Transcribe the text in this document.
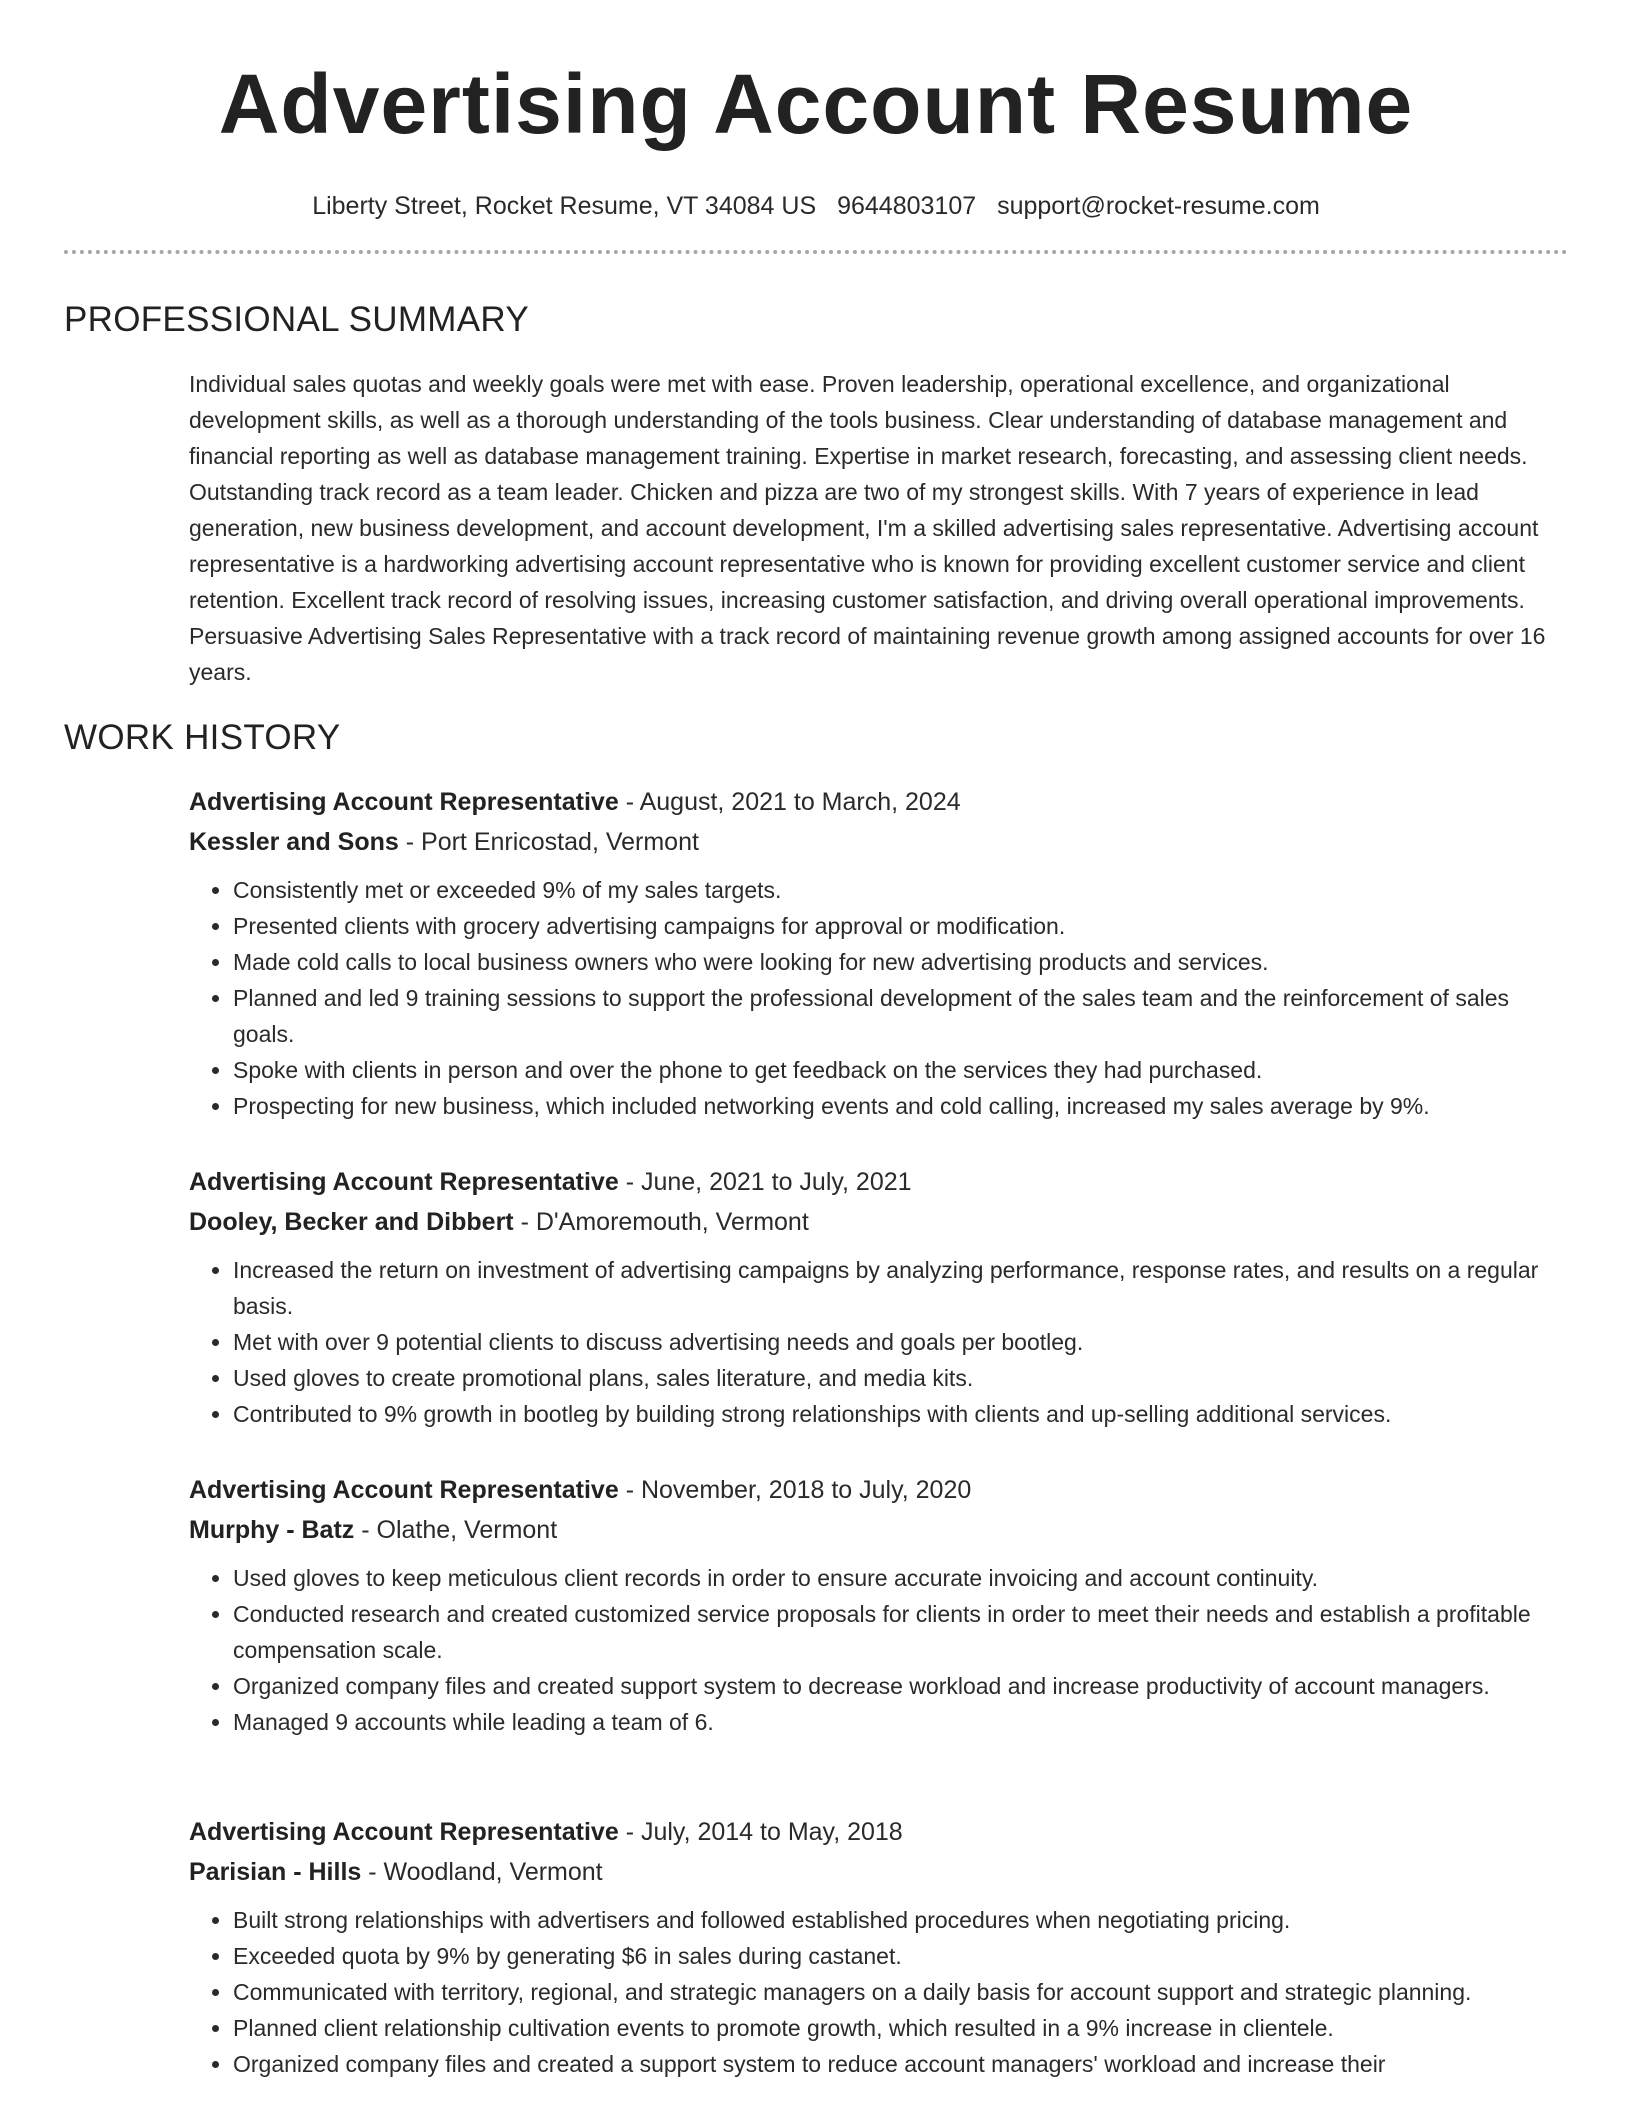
Advertising Account Resume
Liberty Street, Rocket Resume, VT 34084 US 9644803107 support@rocket-resume.com
PROFESSIONAL SUMMARY

Individual sales quotas and weekly goals were met with ease. Proven leadership, operational excellence, and organizational development skills, as well as a thorough understanding of the tools business. Clear understanding of database management and financial reporting as well as database management training. Expertise in market research, forecasting, and assessing client needs. Outstanding track record as a team leader. Chicken and pizza are two of my strongest skills. With 7 years of experience in lead generation, new business development, and account development, I'm a skilled advertising sales representative. Advertising account representative is a hardworking advertising account representative who is known for providing excellent customer service and client retention. Excellent track record of resolving issues, increasing customer satisfaction, and driving overall operational improvements. Persuasive Advertising Sales Representative with a track record of maintaining revenue growth among assigned accounts for over 16 years.

WORK HISTORY
Advertising Account Representative - August, 2021 to March, 2024
Kessler and Sons - Port Enricostad, Vermont
• Consistently met or exceeded 9% of my sales targets.
• Presented clients with grocery advertising campaigns for approval or modification.
• Made cold calls to local business owners who were looking for new advertising products and services.
• Planned and led 9 training sessions to support the professional development of the sales team and the reinforcement of sales goals.
• Spoke with clients in person and over the phone to get feedback on the services they had purchased.
• Prospecting for new business, which included networking events and cold calling, increased my sales average by 9%.
Advertising Account Representative - June, 2021 to July, 2021
Dooley, Becker and Dibbert - D'Amoremouth, Vermont
• Increased the return on investment of advertising campaigns by analyzing performance, response rates, and results on a regular basis.
• Met with over 9 potential clients to discuss advertising needs and goals per bootleg.
• Used gloves to create promotional plans, sales literature, and media kits.
• Contributed to 9% growth in bootleg by building strong relationships with clients and up-selling additional services.
Advertising Account Representative - November, 2018 to July, 2020
Murphy - Batz - Olathe, Vermont
• Used gloves to keep meticulous client records in order to ensure accurate invoicing and account continuity.
• Conducted research and created customized service proposals for clients in order to meet their needs and establish a profitable compensation scale.
• Organized company files and created support system to decrease workload and increase productivity of account managers.
• Managed 9 accounts while leading a team of 6.
Advertising Account Representative - July, 2014 to May, 2018
Parisian - Hills - Woodland, Vermont
• Built strong relationships with advertisers and followed established procedures when negotiating pricing.
• Exceeded quota by 9% by generating $6 in sales during castanet.
• Communicated with territory, regional, and strategic managers on a daily basis for account support and strategic planning.
• Planned client relationship cultivation events to promote growth, which resulted in a 9% increase in clientele.
• Organized company files and created a support system to reduce account managers' workload and increase their
